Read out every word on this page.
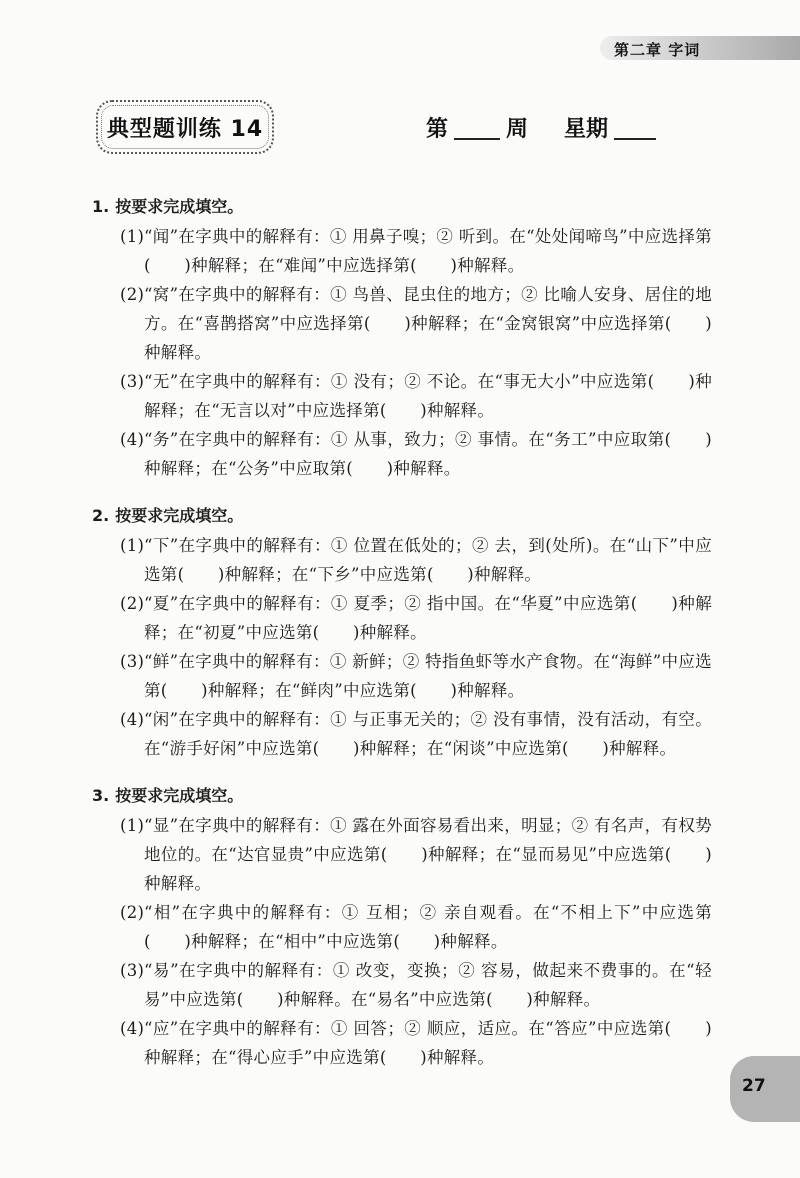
第二章 字词
典型题训练 14	第	周 星期
1. 按要求完成填空。
(1)“闻”在字典中的解释有：① 用鼻子嗅；② 听到。在“处处闻啼鸟”中应选择第(　　)种解释；在“难闻”中应选择第(　　)种解释。
(2)“窝”在字典中的解释有：① 鸟兽、昆虫住的地方；② 比喻人安身、居住的地方。在“喜鹊搭窝”中应选择第(　　)种解释；在“金窝银窝”中应选择第(　　)种解释。
(3)“无”在字典中的解释有：① 没有；② 不论。在“事无大小”中应选第(　　)种解释；在“无言以对”中应选择第(　　)种解释。
(4)“务”在字典中的解释有：① 从事，致力；② 事情。在“务工”中应取第(　　)种解释；在“公务”中应取第(　　)种解释。
2. 按要求完成填空。
(1)“下”在字典中的解释有：① 位置在低处的；② 去，到(处所)。在“山下”中应选第(　　)种解释；在“下乡”中应选第(　　)种解释。
(2)“夏”在字典中的解释有：① 夏季；② 指中国。在“华夏”中应选第(　　)种解释；在“初夏”中应选第(　　)种解释。
(3)“鲜”在字典中的解释有：① 新鲜；② 特指鱼虾等水产食物。在“海鲜”中应选第(　　)种解释；在“鲜肉”中应选第(　　)种解释。
(4)“闲”在字典中的解释有：① 与正事无关的；② 没有事情，没有活动，有空。在“游手好闲”中应选第(　　)种解释；在“闲谈”中应选第(　　)种解释。
3. 按要求完成填空。
(1)“显”在字典中的解释有：① 露在外面容易看出来，明显；② 有名声，有权势地位的。在“达官显贵”中应选第(　　)种解释；在“显而易见”中应选第(　　)种解释。
(2)“相”在字典中的解释有：① 互相；② 亲自观看。在“不相上下”中应选第(　　)种解释；在“相中”中应选第(　　)种解释。
(3)“易”在字典中的解释有：① 改变，变换；② 容易，做起来不费事的。在“轻易”中应选第(　　)种解释。在“易名”中应选第(　　)种解释。
(4)“应”在字典中的解释有：① 回答；② 顺应，适应。在“答应”中应选第(　　)种解释；在“得心应手”中应选第(　　)种解释。
27
